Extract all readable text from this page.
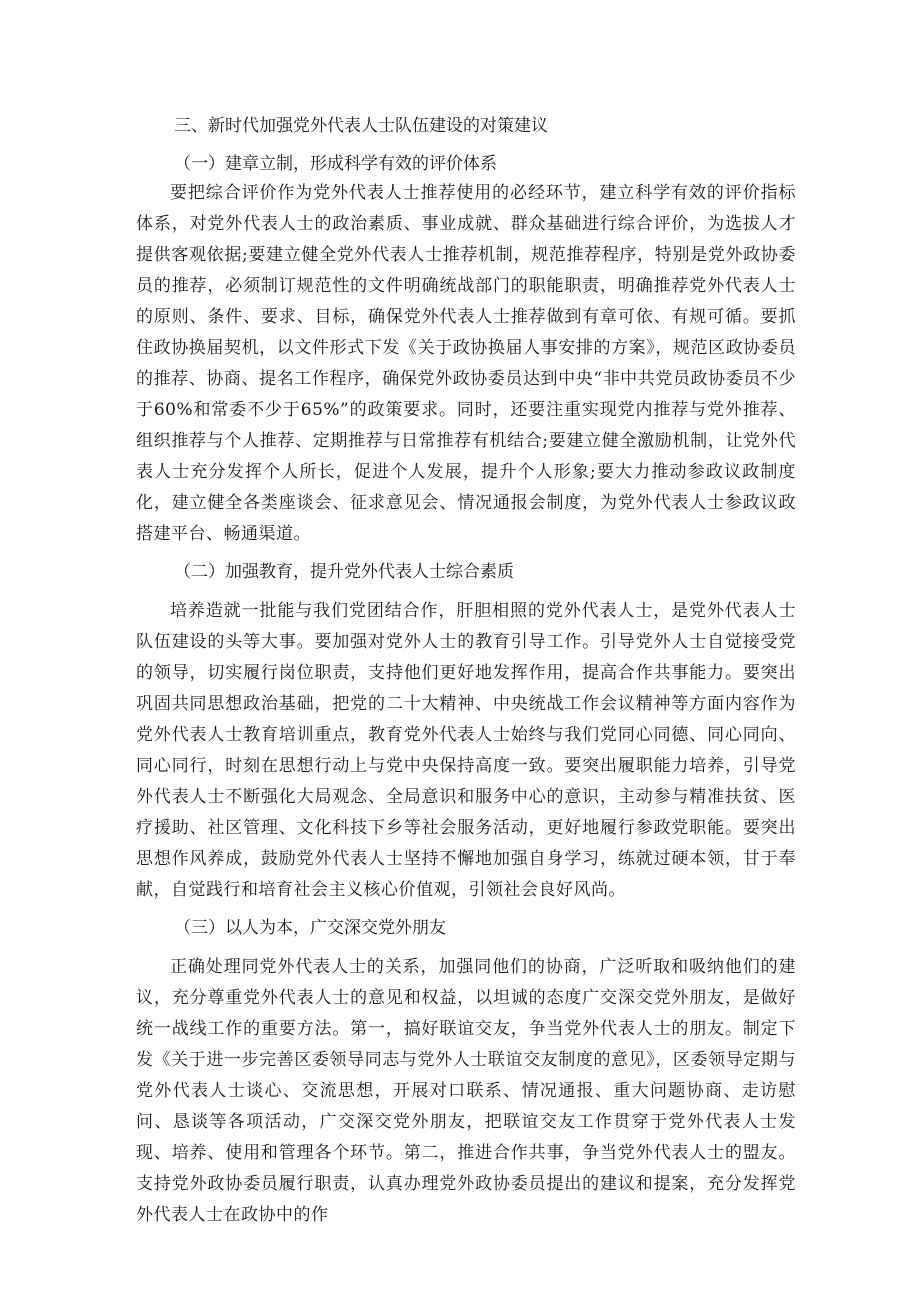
三、新时代加强党外代表人士队伍建设的对策建议
（一）建章立制，形成科学有效的评价体系

要把综合评价作为党外代表人士推荐使用的必经环节，建立科学有效的评价指标体系，对党外代表人士的政治素质、事业成就、群众基础进行综合评价，为选拔人才提供客观依据;要建立健全党外代表人士推荐机制，规范推荐程序，特别是党外政协委员的推荐，必须制订规范性的文件明确统战部门的职能职责，明确推荐党外代表人士的原则、条件、要求、目标，确保党外代表人士推荐做到有章可依、有规可循。要抓住政协换届契机，以文件形式下发《关于政协换届人事安排的方案》，规范区政协委员的推荐、协商、提名工作程序，确保党外政协委员达到中央“非中共党员政协委员不少于60%和常委不少于65%”的政策要求。同时，还要注重实现党内推荐与党外推荐、组织推荐与个人推荐、定期推荐与日常推荐有机结合;要建立健全激励机制，让党外代表人士充分发挥个人所长，促进个人发展，提升个人形象;要大力推动参政议政制度化，建立健全各类座谈会、征求意见会、情况通报会制度，为党外代表人士参政议政搭建平台、畅通渠道。

（二）加强教育，提升党外代表人士综合素质

培养造就一批能与我们党团结合作，肝胆相照的党外代表人士，是党外代表人士队伍建设的头等大事。要加强对党外人士的教育引导工作。引导党外人士自觉接受党的领导，切实履行岗位职责，支持他们更好地发挥作用，提高合作共事能力。要突出巩固共同思想政治基础，把党的二十大精神、中央统战工作会议精神等方面内容作为党外代表人士教育培训重点，教育党外代表人士始终与我们党同心同德、同心同向、同心同行，时刻在思想行动上与党中央保持高度一致。要突出履职能力培养，引导党外代表人士不断强化大局观念、全局意识和服务中心的意识，主动参与精准扶贫、医疗援助、社区管理、文化科技下乡等社会服务活动，更好地履行参政党职能。要突出思想作风养成，鼓励党外代表人士坚持不懈地加强自身学习，练就过硬本领，甘于奉献，自觉践行和培育社会主义核心价值观，引领社会良好风尚。

（三）以人为本，广交深交党外朋友

正确处理同党外代表人士的关系，加强同他们的协商，广泛听取和吸纳他们的建议，充分尊重党外代表人士的意见和权益，以坦诚的态度广交深交党外朋友，是做好统一战线工作的重要方法。第一，搞好联谊交友，争当党外代表人士的朋友。制定下发《关于进一步完善区委领导同志与党外人士联谊交友制度的意见》，区委领导定期与党外代表人士谈心、交流思想，开展对口联系、情况通报、重大问题协商、走访慰问、恳谈等各项活动，广交深交党外朋友，把联谊交友工作贯穿于党外代表人士发现、培养、使用和管理各个环节。第二，推进合作共事，争当党外代表人士的盟友。支持党外政协委员履行职责，认真办理党外政协委员提出的建议和提案，充分发挥党外代表人士在政协中的作
